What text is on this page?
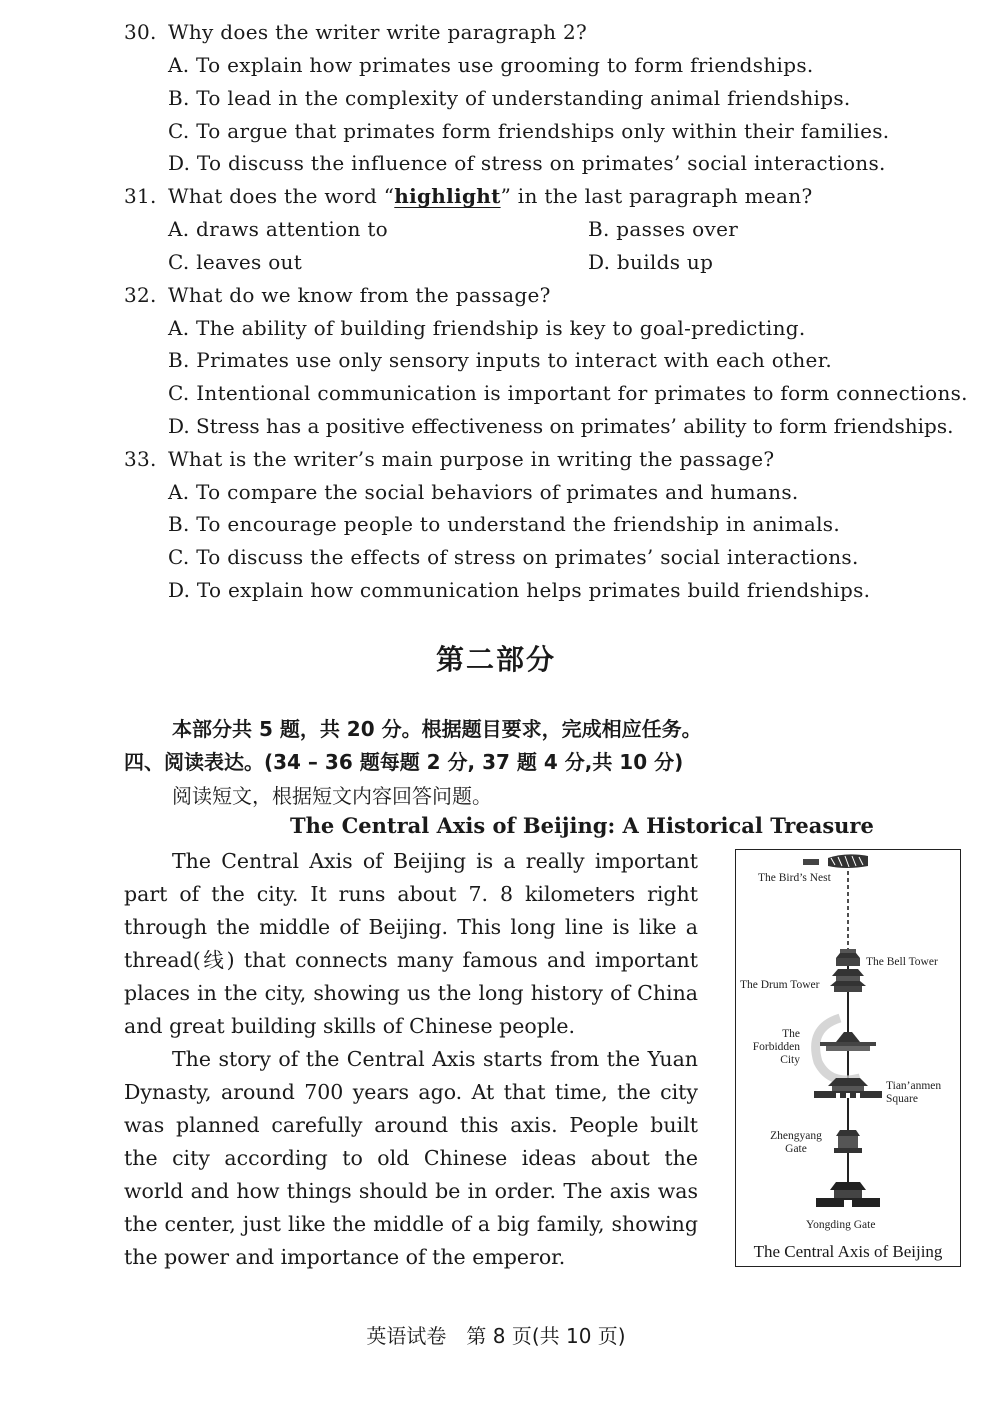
30. Why does the writer write paragraph 2?
A. To explain how primates use grooming to form friendships.
B. To lead in the complexity of understanding animal friendships.
C. To argue that primates form friendships only within their families.
D. To discuss the influence of stress on primates’ social interactions.
31. What does the word “highlight” in the last paragraph mean?
A. draws attention to	B. passes over
C. leaves out	D. builds up
32. What do we know from the passage?
A. The ability of building friendship is key to goal-predicting.
B. Primates use only sensory inputs to interact with each other.
C. Intentional communication is important for primates to form connections.
D. Stress has a positive effectiveness on primates’ ability to form friendships.
33. What is the writer’s main purpose in writing the passage?
A. To compare the social behaviors of primates and humans.
B. To encourage people to understand the friendship in animals.
C. To discuss the effects of stress on primates’ social interactions.
D. To explain how communication helps primates build friendships.
第二部分
本部分共 5 题，共 20 分。根据题目要求，完成相应任务。
四、阅读表达。(34 – 36 题每题 2 分, 37 题 4 分,共 10 分)
阅读短文，根据短文内容回答问题。
The Central Axis of Beijing: A Historical Treasure

The Central Axis of Beijing is a really important part of the city. It runs about 7. 8 kilometers right through the middle of Beijing. This long line is like a thread(线) that connects many famous and important places in the city, showing us the long history of China and great building skills of Chinese people.

The story of the Central Axis starts from the Yuan Dynasty, around 700 years ago. At that time, the city was planned carefully around this axis. People built the city according to old Chinese ideas about the world and how things should be in order. The axis was the center, just like the middle of a big family, showing the power and importance of the emperor.

The Bird’s Nest
The Bell Tower
The Drum Tower
The Forbidden City
Tian’anmen Square
Zhengyang Gate
Yongding Gate
The Central Axis of Beijing
英语试卷　第 8 页(共 10 页)
